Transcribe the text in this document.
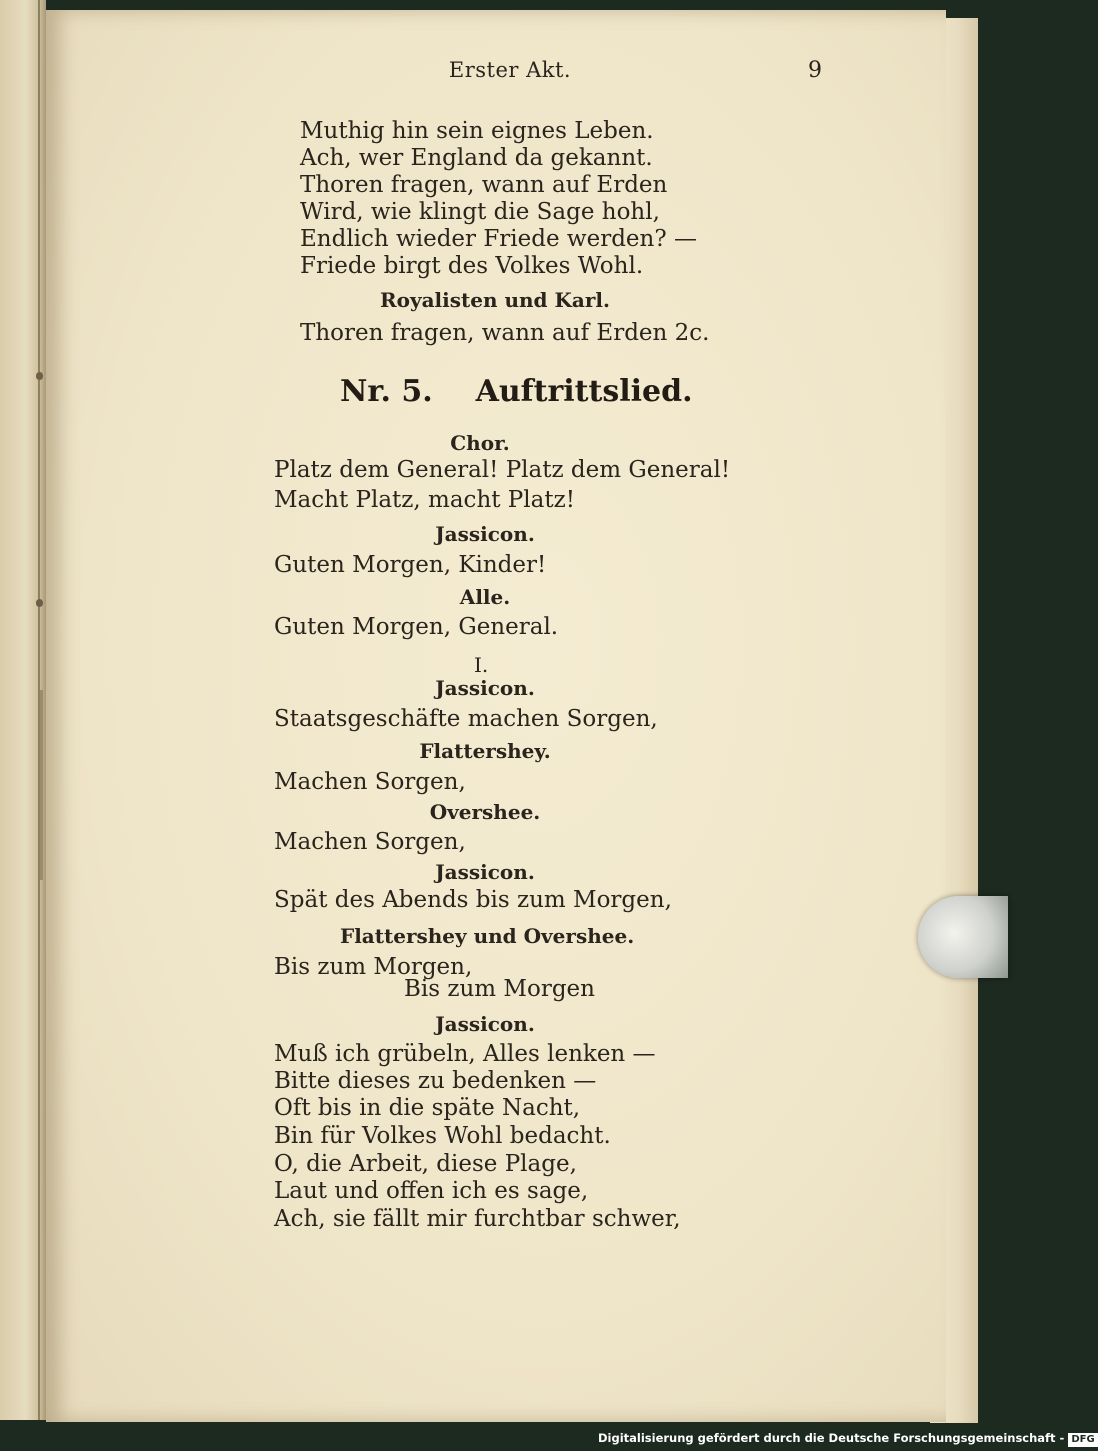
Erster Akt.	9
Muthig hin sein eignes Leben.
Ach, wer England da gekannt.
Thoren fragen, wann auf Erden
Wird, wie klingt die Sage hohl,
Endlich wieder Friede werden? —
Friede birgt des Volkes Wohl.
Royalisten und Karl.
Thoren fragen, wann auf Erden 2c.
Nr. 5. Auftrittslied.
Chor.
Platz dem General! Platz dem General!
Macht Platz, macht Platz!
Jassicon.
Guten Morgen, Kinder!
Alle.
Guten Morgen, General.
I.
Jassicon.
Staatsgeschäfte machen Sorgen,
Flattershey.
Machen Sorgen,
Overshee.
Machen Sorgen,
Jassicon.
Spät des Abends bis zum Morgen,
Flattershey und Overshee.
Bis zum Morgen,
Bis zum Morgen
Jassicon.
Muß ich grübeln, Alles lenken —
Bitte dieses zu bedenken —
Oft bis in die späte Nacht,
Bin für Volkes Wohl bedacht.
O, die Arbeit, diese Plage,
Laut und offen ich es sage,
Ach, sie fällt mir furchtbar schwer,
Digitalisierung gefördert durch die Deutsche Forschungsgemeinschaft - DFG
